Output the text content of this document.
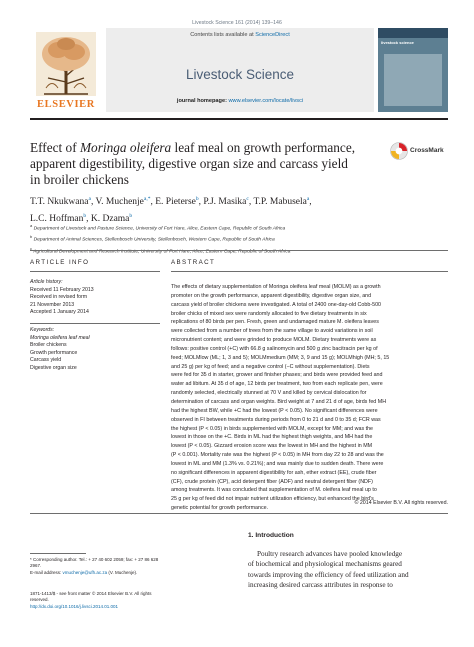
Livestock Science 161 (2014) 139–146
ELSEVIER
Contents lists available at ScienceDirect
Livestock Science
journal homepage: www.elsevier.com/locate/livsci
livestock science
Effect of Moringa oleifera leaf meal on growth performance,
apparent digestibility, digestive organ size and carcass yield
in broiler chickens
CrossMark
T.T. Nkukwana$^a$, V. Muchenje$^{a,*}$, E. Pieterse$^b$, P.J. Masika$^c$, T.P. Mabusela$^a$,
L.C. Hoffman$^b$, K. Dzama$^b$
$^a$ Department of Livestock and Pasture Science, University of Fort Hare, Alice, Eastern Cape, Republic of South Africa
$^b$ Department of Animal Sciences, Stellenbosch University, Stellenbosch, Western Cape, Republic of South Africa
$^c$ Agricultural Development and Research Institute, University of Fort Hare, Alice, Eastern Cape, Republic of South Africa
ARTICLE INFO
Article history:
Received 11 February 2013
Received in revised form
21 November 2013
Accepted 1 January 2014
Keywords:
Moringa oleifera leaf meal
Broiler chickens
Growth performance
Carcass yield
Digestive organ size
ABSTRACT
The effects of dietary supplementation of Moringa oleifera leaf meal (MOLM) as a growth
promoter on the growth performance, apparent digestibility, digestive organ size, and
carcass yield of broiler chickens were investigated. A total of 2400 one-day-old Cobb-500
broiler chicks of mixed sex were randomly allocated to five dietary treatments in six
replications of 80 birds per pen. Fresh, green and undamaged mature M. oleifera leaves
were collected from a number of trees from the same village to avoid variations in soil
micronutrient content; and were grinded to produce MOLM. Dietary treatments were as
follows: positive control (+C) with 66.8 g salinomycin and 500 g zinc bacitracin per kg of
feed; MOLMlow (ML; 1, 3 and 5); MOLMmedium (MM; 3, 9 and 15 g); MOLMhigh (MH; 5, 15
and 25 g) per kg of feed; and a negative control (−C without supplementation). Diets
were fed for 35 d in starter, grower and finisher phases; and birds were provided feed and
water ad libitum. At 35 d of age, 12 birds per treatment, two from each replicate pen, were
randomly selected, electrically stunned at 70 V and killed by cervical dislocation for
determination of carcass and organ weights. Bird weight at 7 and 21 d of age, birds fed MH
had the highest BW, while +C had the lowest (P < 0.05). No significant differences were
observed in FI between treatments during periods from 0 to 21 d and 0 to 35 d; FCR was
the highest (P < 0.05) in birds supplemented with MOLM, except for MM; and was the
lowest in those on the +C. Birds in ML had the highest thigh weights, and MH had the
lowest (P < 0.05). Gizzard erosion score was the lowest in MH and the highest in MM
(P < 0.001). Mortality rate was the highest (P < 0.05) in MH from day 22 to 28 and was the
lowest in ML and MM (1.3% vs. 0.21%); and was mainly due to sudden death. There were
no significant differences in apparent digestibility for ash, ether extract (EE), crude fiber
(CF), crude protein (CP), acid detergent fiber (ADF) and neutral detergent fiber (NDF)
among treatments. It was concluded that supplementation of M. oleifera leaf meal up to
25 g per kg of feed did not impair nutrient utilization efficiency, but enhanced the bird's
genetic potential for growth performance.
© 2014 Elsevier B.V. All rights reserved.
* Corresponding author. Tel.: + 27 40 602 2059; fax: + 27 86 628 2967.
E-mail address: vmuchenje@ufh.ac.za (V. Muchenje).
1871-1413/$ - see front matter © 2014 Elsevier B.V. All rights reserved.
http://dx.doi.org/10.1016/j.livsci.2014.01.001
1. Introduction
Poultry research advances have pooled knowledge
of biochemical and physiological mechanisms geared
towards improving the efficiency of feed utilization and
increasing desired carcass attributes in response to
